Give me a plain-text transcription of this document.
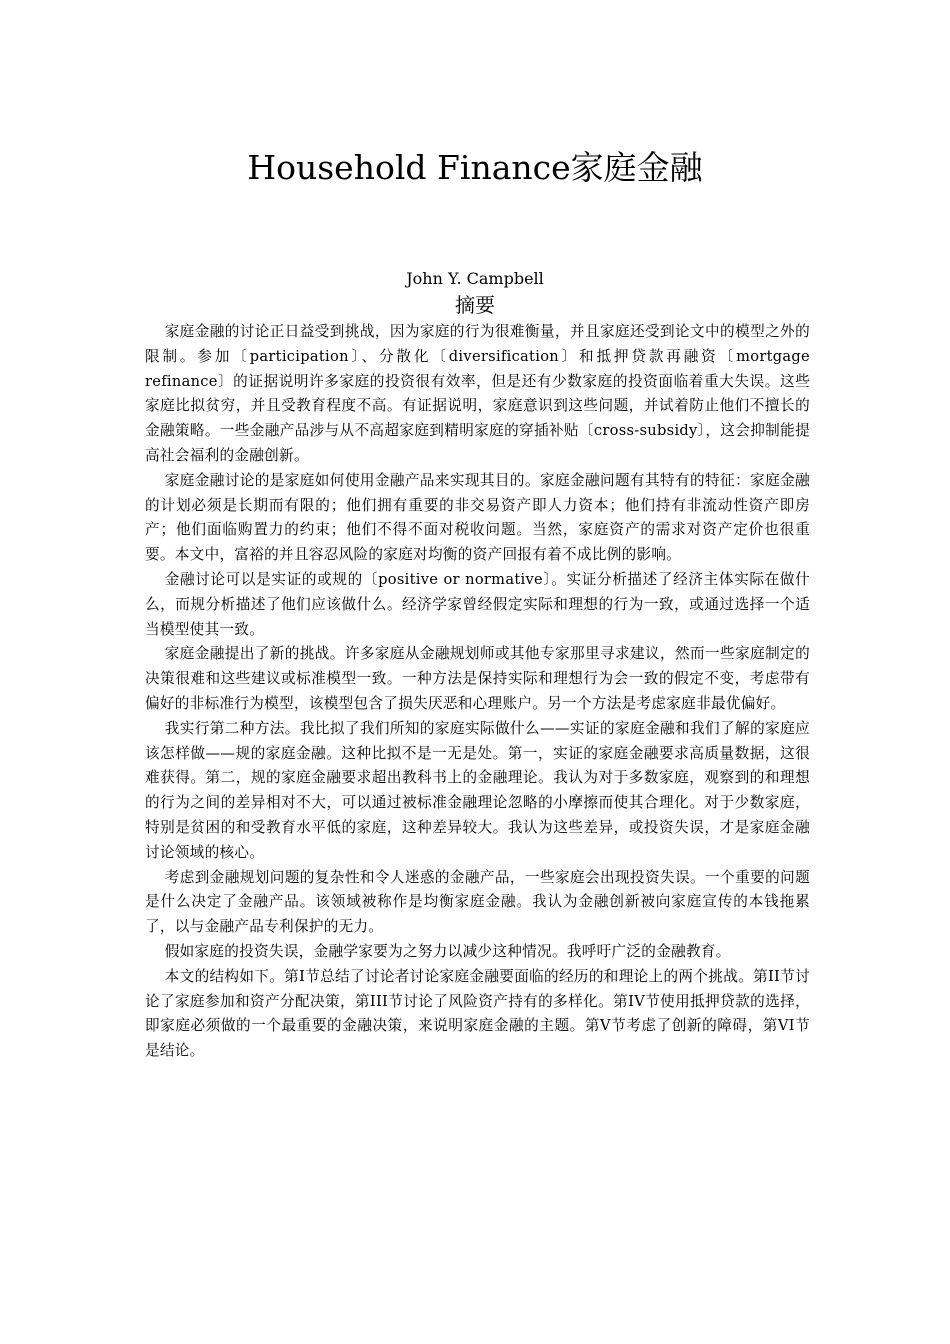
Household Finance家庭金融
John Y. Campbell
摘要

家庭金融的讨论正日益受到挑战，因为家庭的行为很难衡量，并且家庭还受到论文中的模型之外的限制。参加〔participation〕、分散化〔diversification〕和抵押贷款再融资〔mortgage refinance〕的证据说明许多家庭的投资很有效率，但是还有少数家庭的投资面临着重大失误。这些家庭比拟贫穷，并且受教育程度不高。有证据说明，家庭意识到这些问题，并试着防止他们不擅长的金融策略。一些金融产品涉与从不高超家庭到精明家庭的穿插补贴〔cross-subsidy〕，这会抑制能提高社会福利的金融创新。

家庭金融讨论的是家庭如何使用金融产品来实现其目的。家庭金融问题有其特有的特征：家庭金融的计划必须是长期而有限的；他们拥有重要的非交易资产即人力资本；他们持有非流动性资产即房产；他们面临购置力的约束；他们不得不面对税收问题。当然，家庭资产的需求对资产定价也很重要。本文中，富裕的并且容忍风险的家庭对均衡的资产回报有着不成比例的影响。

金融讨论可以是实证的或规的〔positive or normative〕。实证分析描述了经济主体实际在做什么，而规分析描述了他们应该做什么。经济学家曾经假定实际和理想的行为一致，或通过选择一个适当模型使其一致。

家庭金融提出了新的挑战。许多家庭从金融规划师或其他专家那里寻求建议，然而一些家庭制定的决策很难和这些建议或标准模型一致。一种方法是保持实际和理想行为会一致的假定不变，考虑带有偏好的非标准行为模型，该模型包含了损失厌恶和心理账户。另一个方法是考虑家庭非最优偏好。

我实行第二种方法。我比拟了我们所知的家庭实际做什么——实证的家庭金融和我们了解的家庭应该怎样做——规的家庭金融。这种比拟不是一无是处。第一，实证的家庭金融要求高质量数据，这很难获得。第二，规的家庭金融要求超出教科书上的金融理论。我认为对于多数家庭，观察到的和理想的行为之间的差异相对不大，可以通过被标准金融理论忽略的小摩擦而使其合理化。对于少数家庭，特别是贫困的和受教育水平低的家庭，这种差异较大。我认为这些差异，或投资失误，才是家庭金融讨论领域的核心。

考虑到金融规划问题的复杂性和令人迷惑的金融产品，一些家庭会出现投资失误。一个重要的问题是什么决定了金融产品。该领域被称作是均衡家庭金融。我认为金融创新被向家庭宣传的本钱拖累了，以与金融产品专利保护的无力。

假如家庭的投资失误，金融学家要为之努力以减少这种情况。我呼吁广泛的金融教育。

本文的结构如下。第I节总结了讨论者讨论家庭金融要面临的经历的和理论上的两个挑战。第II节讨论了家庭参加和资产分配决策，第III节讨论了风险资产持有的多样化。第IV节使用抵押贷款的选择，即家庭必须做的一个最重要的金融决策，来说明家庭金融的主题。第V节考虑了创新的障碍，第VI节是结论。
